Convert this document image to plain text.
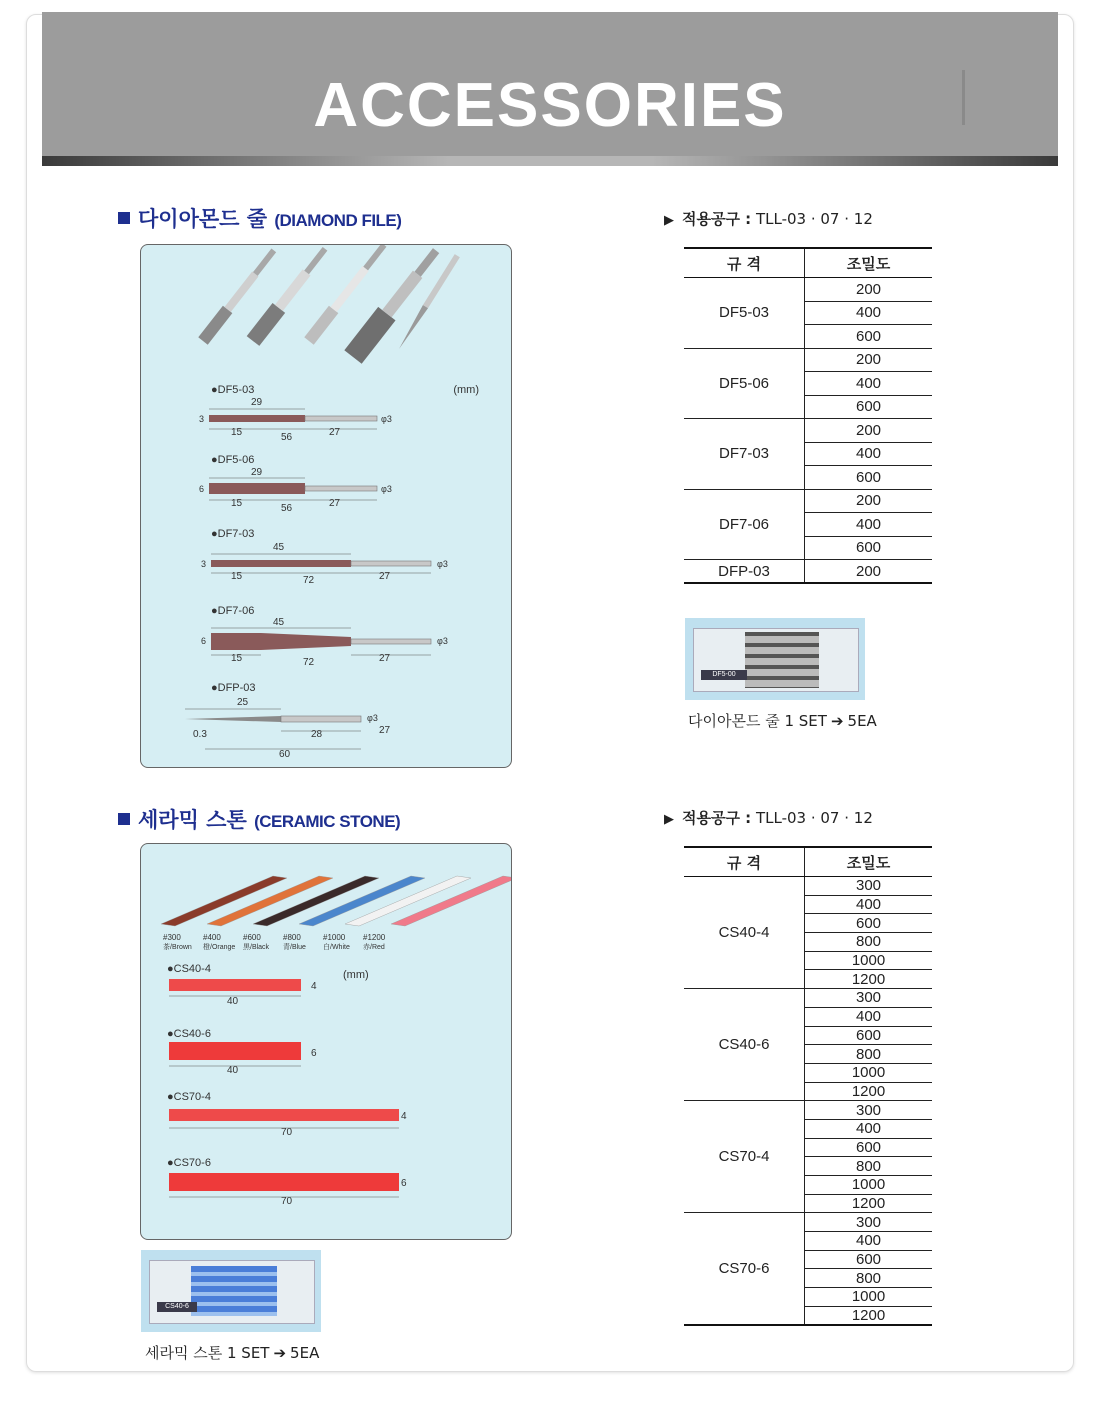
ACCESSORIES
다이아몬드 줄 (DIAMOND FILE)	▶ 적용공구 : TLL-03 · 07 · 12
(mm)
●DF5-03
29
3	φ3
15	27
56
●DF5-06
29
6	φ3
15	27
56
●DF7-03
45
3	φ3
15	27
72
●DF7-06
45
6	φ3
15	27
72
●DFP-03
25
φ3
0.3	28	27
60
규 격	조밀도
DF5-03	200
	400
	600
DF5-06	200
	400
	600
DF7-03	200
	400
	600
DF7-06	200
	400
	600
DFP-03	200
DF5-00
다이아몬드 줄 1 SET ➔ 5EA
세라믹 스톤 (CERAMIC STONE)	▶ 적용공구 : TLL-03 · 07 · 12
#300
茶/Brown
#400
橙/Orange
#600
黒/Black
#800
青/Blue
#1000
白/White
#1200
赤/Red
(mm)
●CS40-4
40
4
●CS40-6
40
6
●CS70-4
70
4
●CS70-6
70
6
CS40-6
세라믹 스톤 1 SET ➔ 5EA
규 격	조밀도
CS40-4	300
	400
	600
	800
	1000
	1200
CS40-6	300
	400
	600
	800
	1000
	1200
CS70-4	300
	400
	600
	800
	1000
	1200
CS70-6	300
	400
	600
	800
	1000
	1200
